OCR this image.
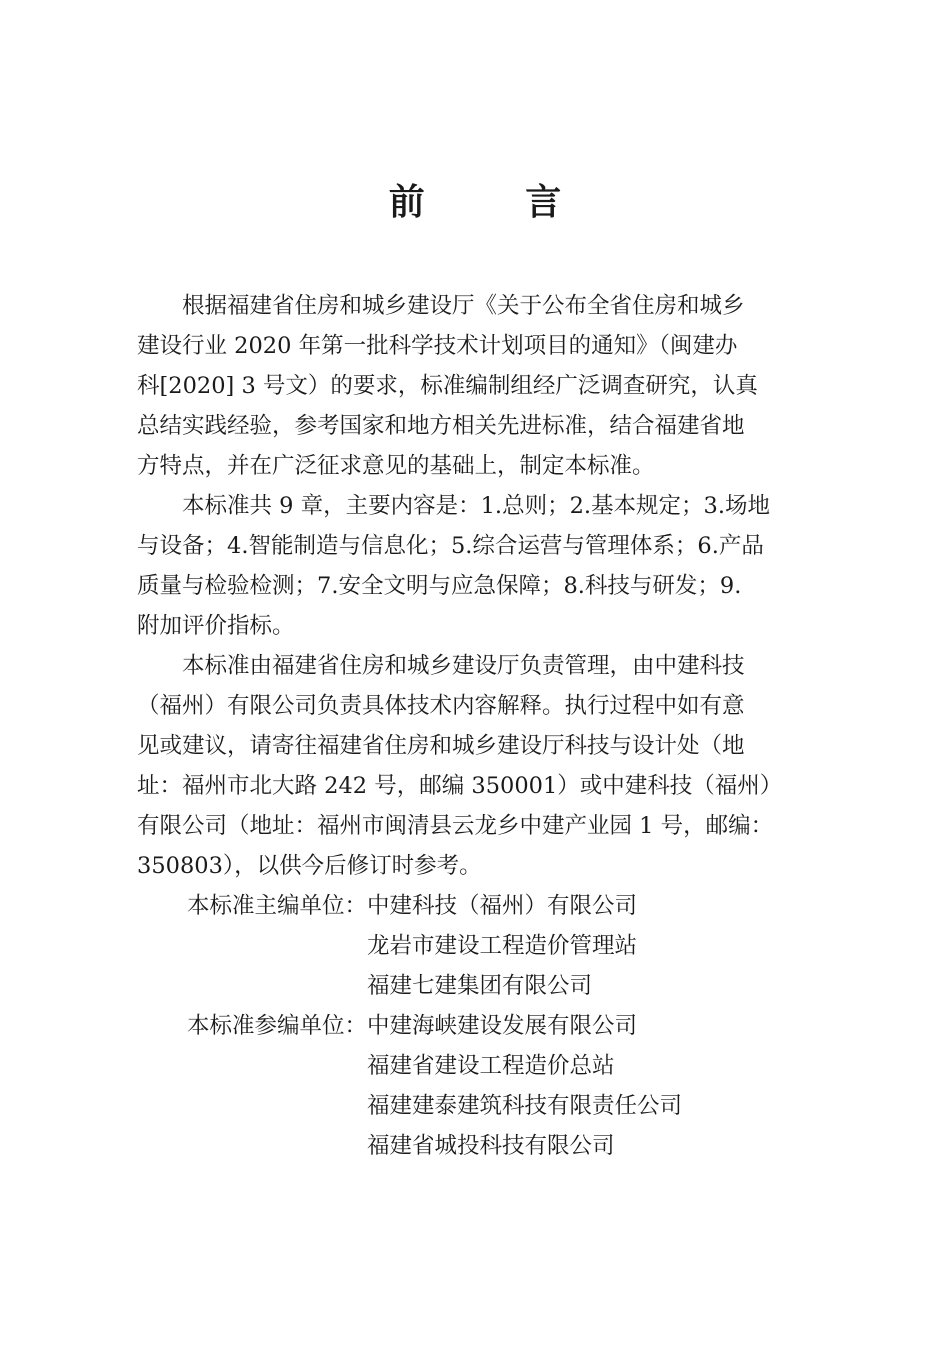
前 言

根据福建省住房和城乡建设厅《关于公布全省住房和城乡
建设行业 2020 年第一批科学技术计划项目的通知》（闽建办
科[2020] 3 号文）的要求，标准编制组经广泛调查研究，认真
总结实践经验，参考国家和地方相关先进标准，结合福建省地
方特点，并在广泛征求意见的基础上，制定本标准。

本标准共 9 章，主要内容是：1.总则；2.基本规定；3.场地
与设备；4.智能制造与信息化；5.综合运营与管理体系；6.产品
质量与检验检测；7.安全文明与应急保障；8.科技与研发；9.
附加评价指标。

本标准由福建省住房和城乡建设厅负责管理，由中建科技
（福州）有限公司负责具体技术内容解释。执行过程中如有意
见或建议，请寄往福建省住房和城乡建设厅科技与设计处（地
址：福州市北大路 242 号，邮编 350001）或中建科技（福州）
有限公司（地址：福州市闽清县云龙乡中建产业园 1 号，邮编：
350803），以供今后修订时参考。

本标准主编单位： 中建科技（福州）有限公司
龙岩市建设工程造价管理站
福建七建集团有限公司
本标准参编单位： 中建海峡建设发展有限公司
福建省建设工程造价总站
福建建泰建筑科技有限责任公司
福建省城投科技有限公司
